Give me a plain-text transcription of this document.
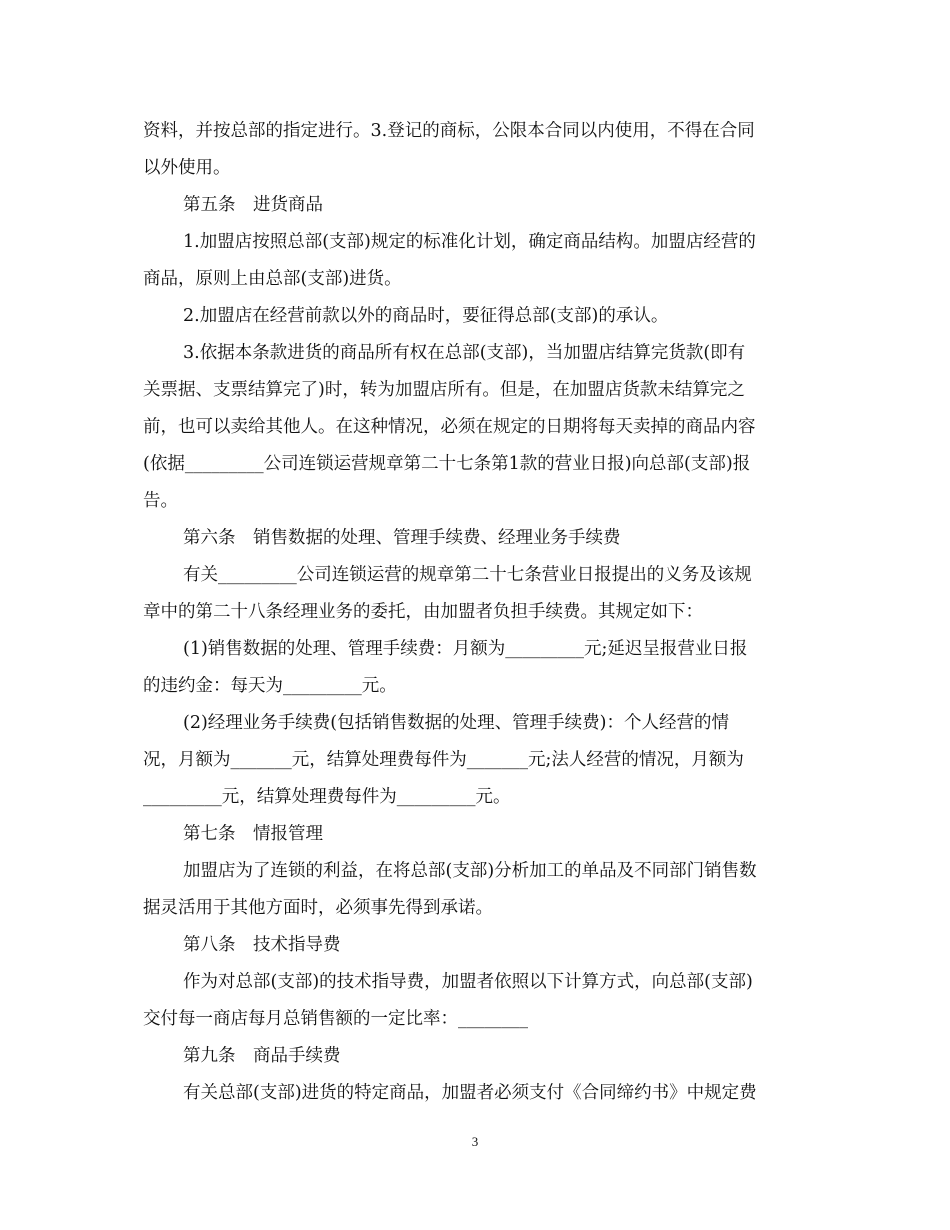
资料，并按总部的指定进行。3.登记的商标，公限本合同以内使用，不得在合同
以外使用。
第五条　进货商品
1.加盟店按照总部(支部)规定的标准化计划，确定商品结构。加盟店经营的
商品，原则上由总部(支部)进货。
2.加盟店在经营前款以外的商品时，要征得总部(支部)的承认。
3.依据本条款进货的商品所有权在总部(支部)，当加盟店结算完货款(即有
关票据、支票结算完了)时，转为加盟店所有。但是，在加盟店货款未结算完之
前，也可以卖给其他人。在这种情况，必须在规定的日期将每天卖掉的商品内容
(依据_________公司连锁运营规章第二十七条第1款的营业日报)向总部(支部)报
告。
第六条　销售数据的处理、管理手续费、经理业务手续费
有关_________公司连锁运营的规章第二十七条营业日报提出的义务及该规
章中的第二十八条经理业务的委托，由加盟者负担手续费。其规定如下：
(1)销售数据的处理、管理手续费：月额为_________元;延迟呈报营业日报
的违约金：每天为_________元。
(2)经理业务手续费(包括销售数据的处理、管理手续费)：个人经营的情
况，月额为_______元，结算处理费每件为_______元;法人经营的情况，月额为
_________元，结算处理费每件为_________元。
第七条　情报管理
加盟店为了连锁的利益，在将总部(支部)分析加工的单品及不同部门销售数
据灵活用于其他方面时，必须事先得到承诺。
第八条　技术指导费
作为对总部(支部)的技术指导费，加盟者依照以下计算方式，向总部(支部)
交付每一商店每月总销售额的一定比率：________
第九条　商品手续费
有关总部(支部)进货的特定商品，加盟者必须支付《合同缔约书》中规定费
3
